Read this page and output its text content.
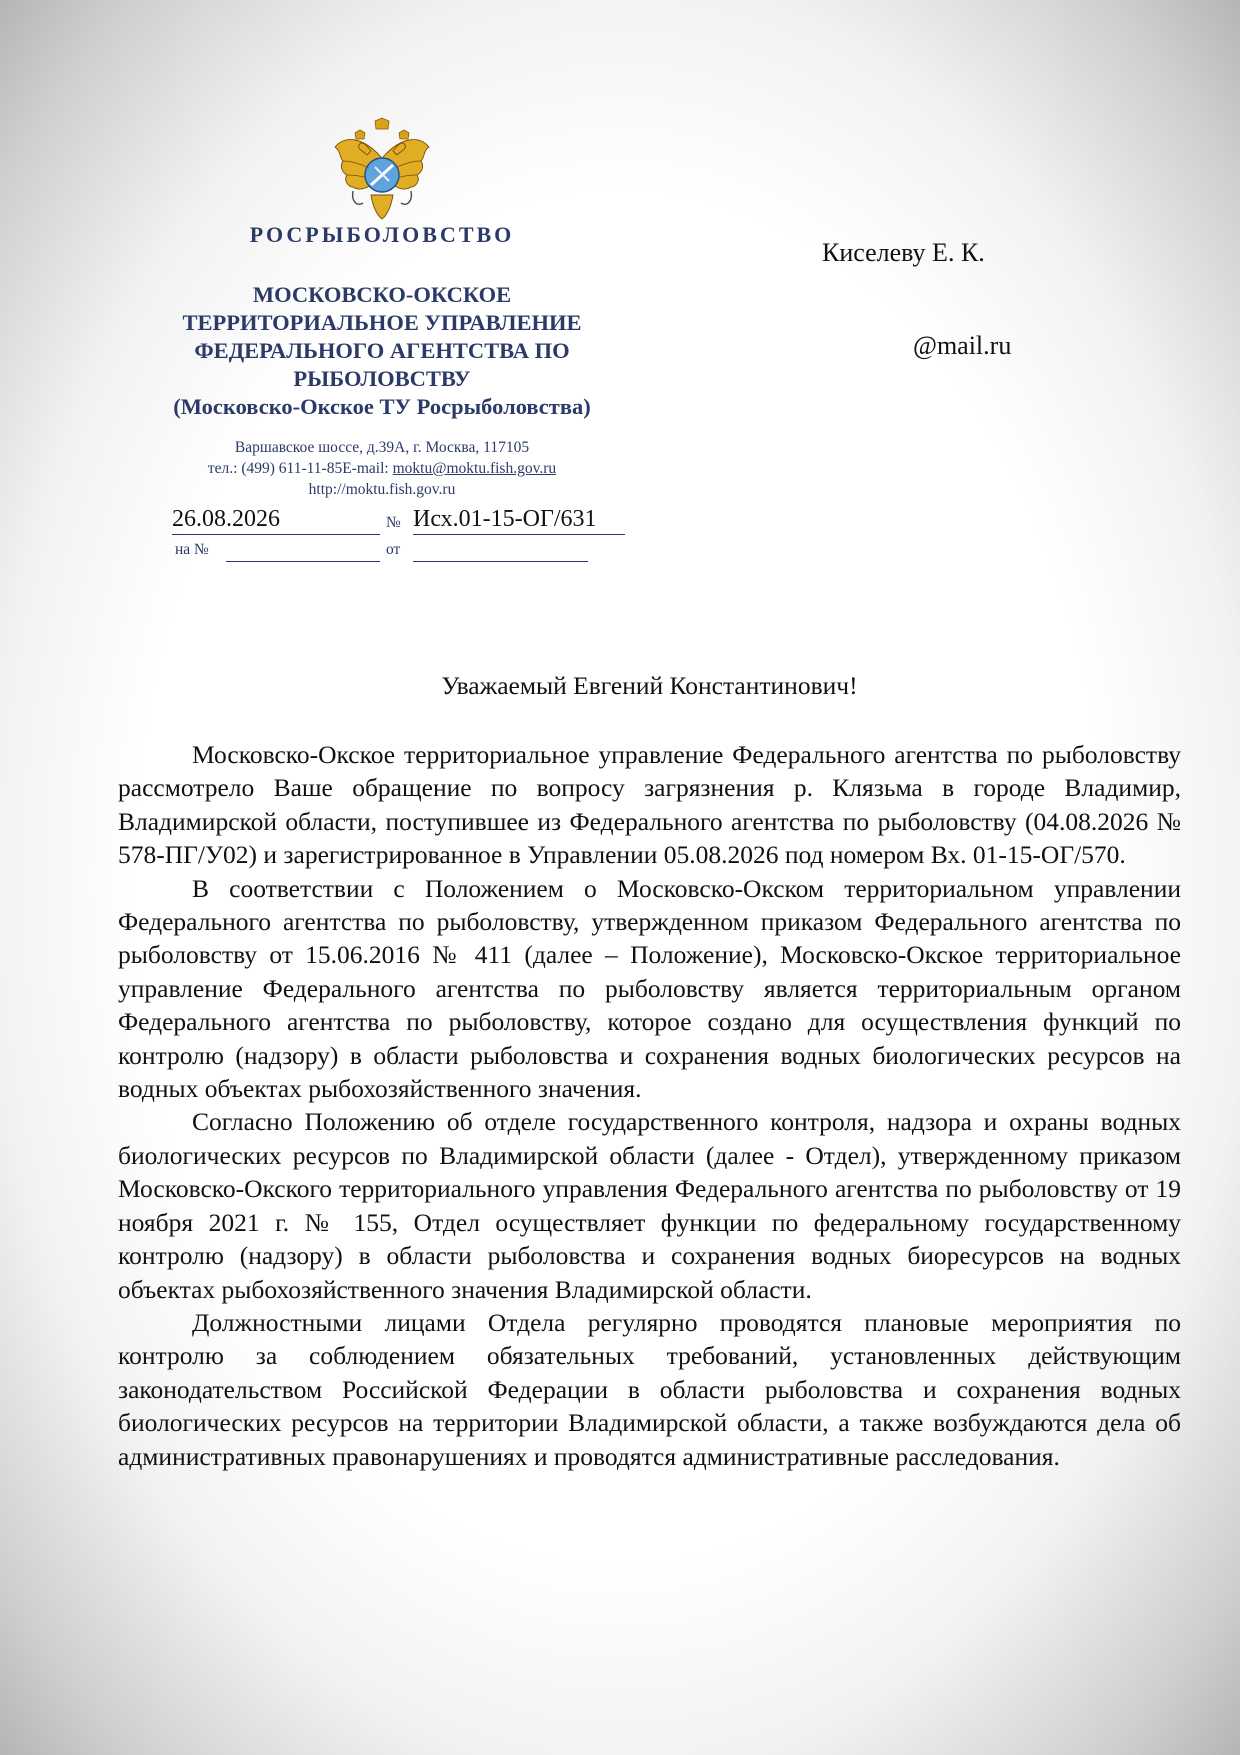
РОСРЫБОЛОВСТВО
МОСКОВСКО-ОКСКОЕ
ТЕРРИТОРИАЛЬНОЕ УПРАВЛЕНИЕ
ФЕДЕРАЛЬНОГО АГЕНТСТВА ПО
РЫБОЛОВСТВУ
(Московско-Окское ТУ Росрыболовства)
Варшавское шоссе, д.39А, г. Москва, 117105
тел.: (499) 611-11-85E-mail: moktu@moktu.fish.gov.ru
http://moktu.fish.gov.ru
26.08.2026	№ Исх.01-15-ОГ/631
на №	от
Киселеву Е. К.
@mail.ru
Уважаемый Евгений Константинович!

Московско-Окское территориальное управление Федерального агентства по рыболовству рассмотрело Ваше обращение по вопросу загрязнения р. Клязьма в городе Владимир, Владимирской области, поступившее из Федерального агентства по рыболовству (04.08.2026 № 578-ПГ/У02) и зарегистрированное в Управлении 05.08.2026 под номером Вх. 01-15-ОГ/570.

В соответствии с Положением о Московско-Окском территориальном управлении Федерального агентства по рыболовству, утвержденном приказом Федерального агентства по рыболовству от 15.06.2016 № 411 (далее – Положение), Московско-Окское территориальное управление Федерального агентства по рыболовству является территориальным органом Федерального агентства по рыболовству, которое создано для осуществления функций по контролю (надзору) в области рыболовства и сохранения водных биологических ресурсов на водных объектах рыбохозяйственного значения.

Согласно Положению об отделе государственного контроля, надзора и охраны водных биологических ресурсов по Владимирской области (далее - Отдел), утвержденному приказом Московско-Окского территориального управления Федерального агентства по рыболовству от 19 ноября 2021 г. № 155, Отдел осуществляет функции по федеральному государственному контролю (надзору) в области рыболовства и сохранения водных биоресурсов на водных объектах рыбохозяйственного значения Владимирской области.

Должностными лицами Отдела регулярно проводятся плановые мероприятия по контролю за соблюдением обязательных требований, установленных действующим законодательством Российской Федерации в области рыболовства и сохранения водных биологических ресурсов на территории Владимирской области, а также возбуждаются дела об административных правонарушениях и проводятся административные расследования.
